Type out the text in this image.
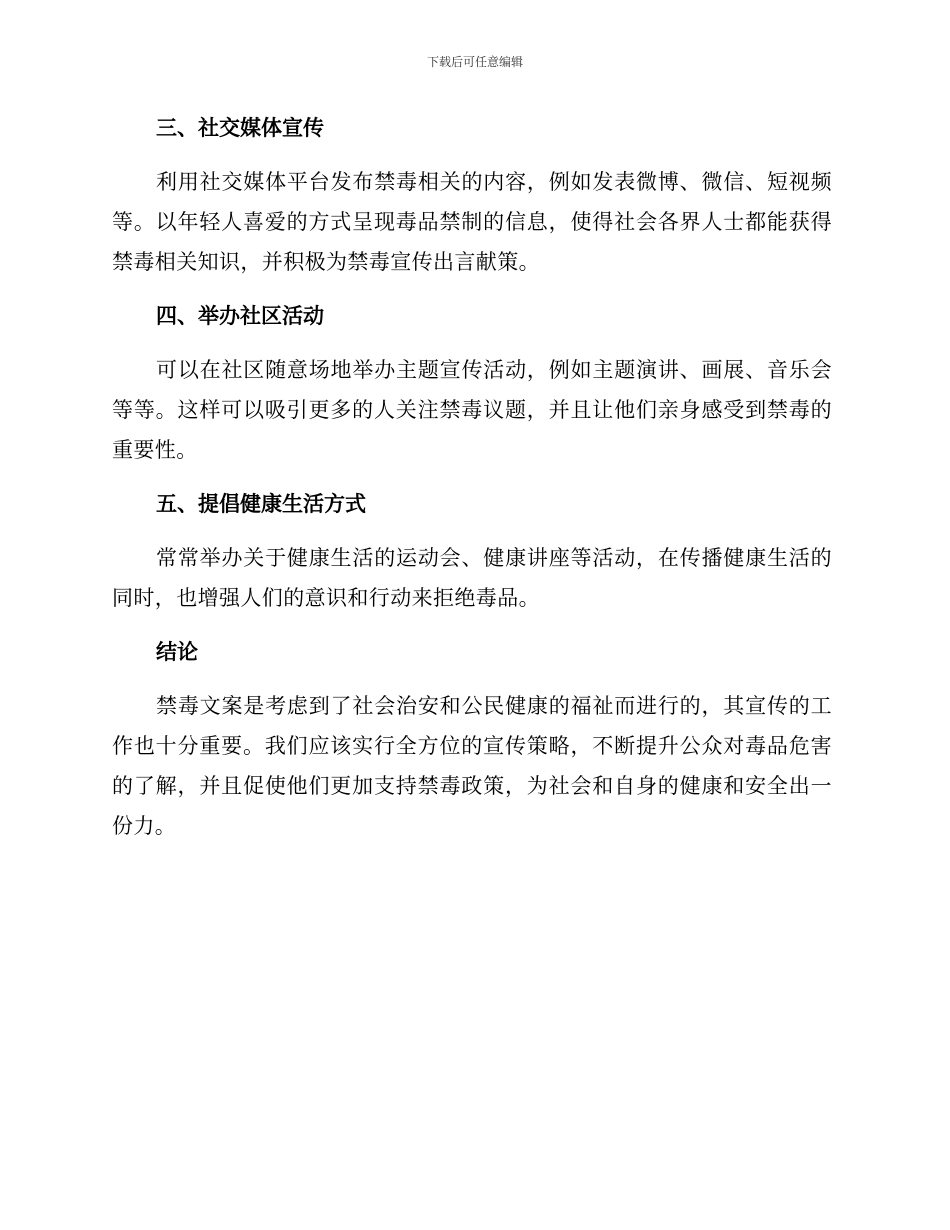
下载后可任意编辑
三、社交媒体宣传

利用社交媒体平台发布禁毒相关的内容，例如发表微博、微信、短视频等。以年轻人喜爱的方式呈现毒品禁制的信息，使得社会各界人士都能获得禁毒相关知识，并积极为禁毒宣传出言献策。

四、举办社区活动

可以在社区随意场地举办主题宣传活动，例如主题演讲、画展、音乐会等等。这样可以吸引更多的人关注禁毒议题，并且让他们亲身感受到禁毒的重要性。

五、提倡健康生活方式

常常举办关于健康生活的运动会、健康讲座等活动，在传播健康生活的同时，也增强人们的意识和行动来拒绝毒品。

结论

禁毒文案是考虑到了社会治安和公民健康的福祉而进行的，其宣传的工作也十分重要。我们应该实行全方位的宣传策略，不断提升公众对毒品危害的了解，并且促使他们更加支持禁毒政策，为社会和自身的健康和安全出一份力。
